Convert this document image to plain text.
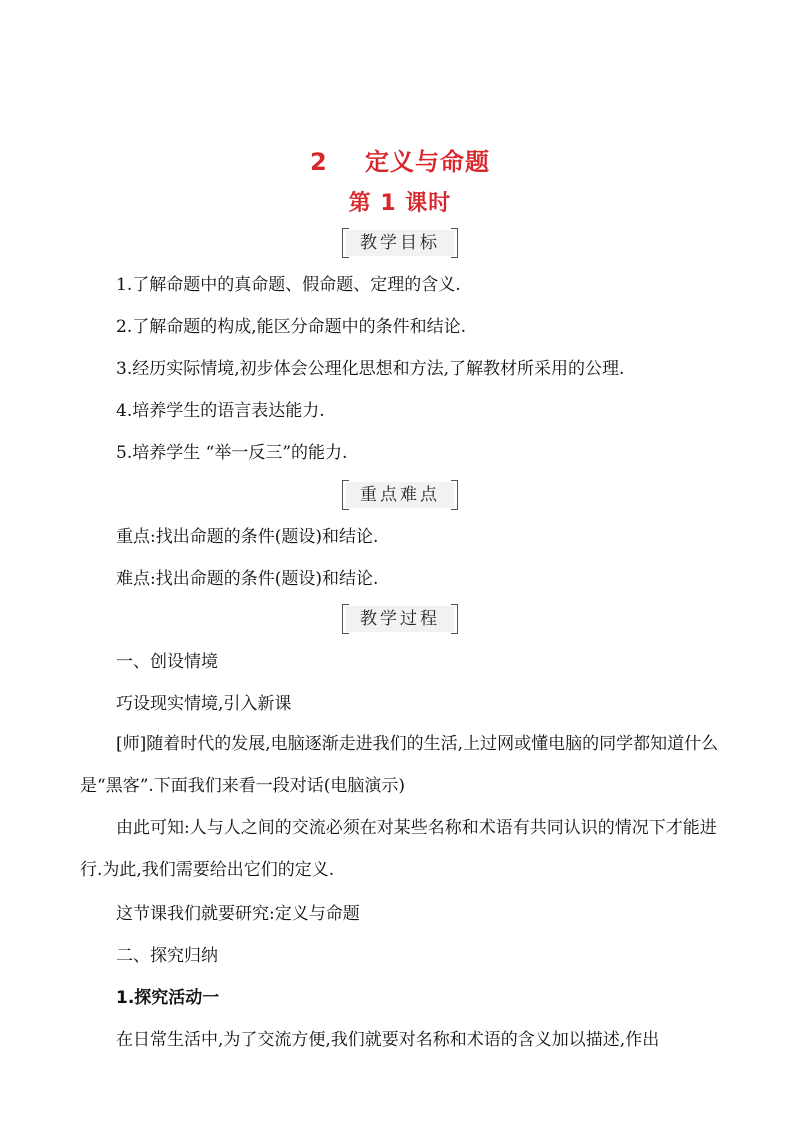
2    定义与命题
第 1 课时
教学目标
1.了解命题中的真命题、假命题、定理的含义.
2.了解命题的构成,能区分命题中的条件和结论.
3.经历实际情境,初步体会公理化思想和方法,了解教材所采用的公理.
4.培养学生的语言表达能力.
5.培养学生 “举一反三”的能力.
重点难点
重点:找出命题的条件(题设)和结论.
难点:找出命题的条件(题设)和结论.
教学过程
一、创设情境
巧设现实情境,引入新课
[师]随着时代的发展,电脑逐渐走进我们的生活,上过网或懂电脑的同学都知道什么是“黑客”.下面我们来看一段对话(电脑演示)
由此可知:人与人之间的交流必须在对某些名称和术语有共同认识的情况下才能进行.为此,我们需要给出它们的定义.
这节课我们就要研究:定义与命题
二、探究归纳
1.探究活动一
在日常生活中,为了交流方便,我们就要对名称和术语的含义加以描述,作出
